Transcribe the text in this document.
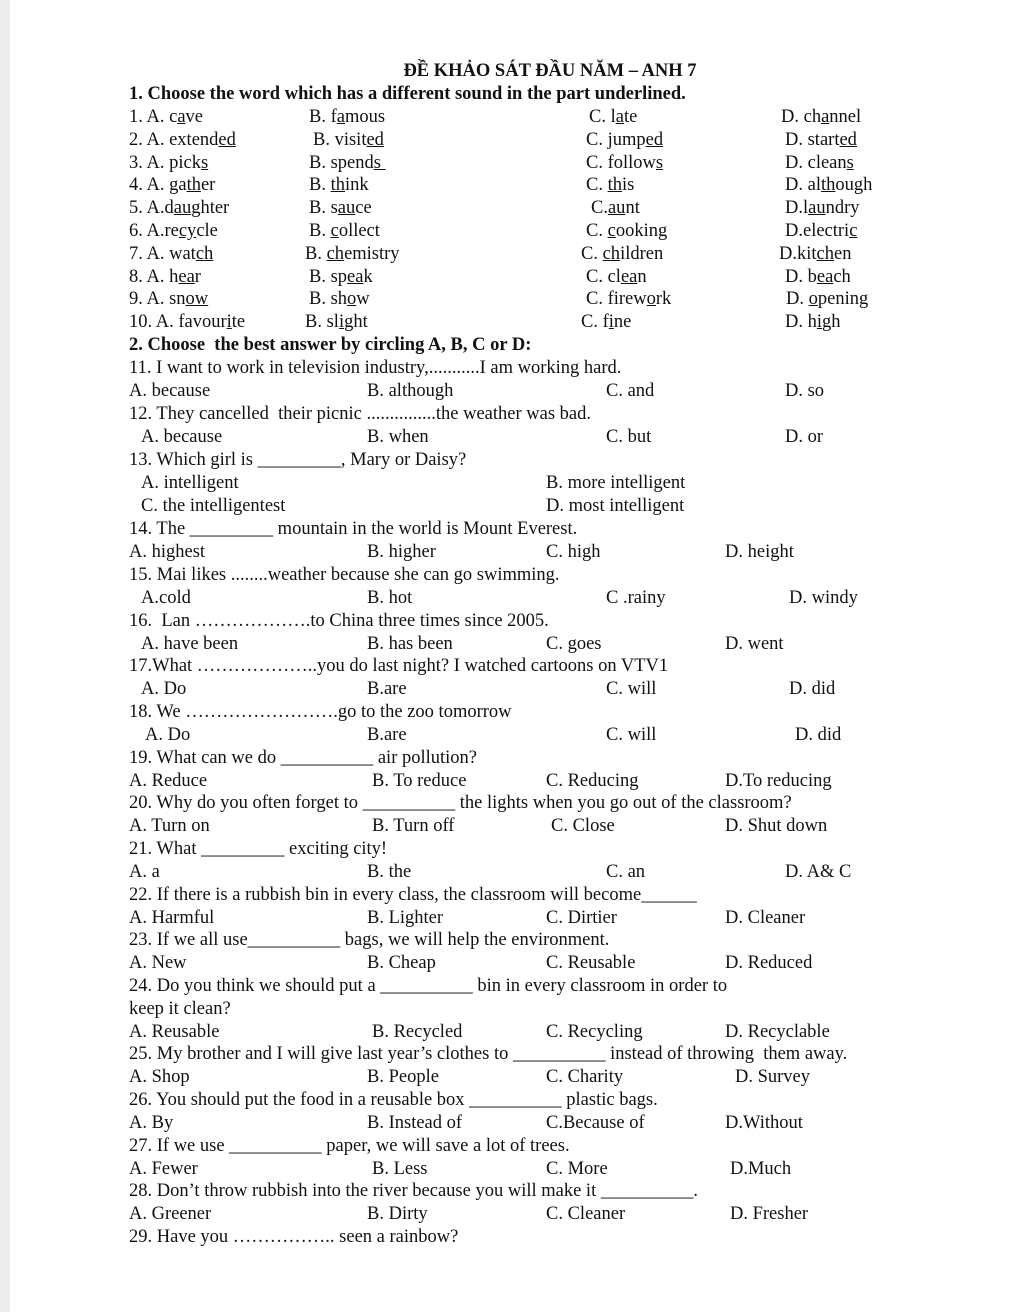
ĐỀ KHẢO SÁT ĐẦU NĂM – ANH 7
1. Choose the word which has a different sound in the part underlined.
1. A. cave	B. famous	C. late	D. channel
2. A. extended	B. visited	C. jumped	D. started
3. A. picks	B. spends	C. follows	D. cleans
4. A. gather	B. think	C. this	D. although
5. A.daughter	B. sauce	C.aunt	D.laundry
6. A.recycle	B. collect	C. cooking	D.electric
7. A. watch	B. chemistry	C. children	D.kitchen
8. A. hear	B. speak	C. clean	D. beach
9. A. snow	B. show	C. firework	D. opening
10. A. favourite	B. slight	C. fine	D. high
2. Choose  the best answer by circling A, B, C or D:
11. I want to work in television industry,...........I am working hard.
A. because	B. although	C. and	D. so
12. They cancelled  their picnic ...............the weather was bad.
A. because	B. when	C. but	D. or
13. Which girl is _________, Mary or Daisy?
A. intelligent	B. more intelligent
C. the intelligentest	D. most intelligent
14. The _________ mountain in the world is Mount Everest.
A. highest	B. higher	C. high	D. height
15. Mai likes ........weather because she can go swimming.
A.cold	B. hot	C .rainy	D. windy
16.  Lan ……………….to China three times since 2005.
A. have been	B. has been	C. goes	D. went
17.What ………………..you do last night? I watched cartoons on VTV1
A. Do	B.are	C. will	D. did
18. We …………………….go to the zoo tomorrow
A. Do	B.are	C. will	D. did
19. What can we do __________ air pollution?
A. Reduce	B. To reduce	C. Reducing	D.To reducing
20. Why do you often forget to __________ the lights when you go out of the classroom?
A. Turn on	B. Turn off	C. Close	D. Shut down
21. What _________ exciting city!
A. a	B. the	C. an	D. A& C
22. If there is a rubbish bin in every class, the classroom will become______
A. Harmful	B. Lighter	C. Dirtier	D. Cleaner
23. If we all use__________ bags, we will help the environment.
A. New	B. Cheap	C. Reusable	D. Reduced
24. Do you think we should put a __________ bin in every classroom in order to
keep it clean?
A. Reusable	B. Recycled	C. Recycling	D. Recyclable
25. My brother and I will give last year’s clothes to __________ instead of throwing  them away.
A. Shop	B. People	C. Charity	D. Survey
26. You should put the food in a reusable box __________ plastic bags.
A. By	B. Instead of	C.Because of	D.Without
27. If we use __________ paper, we will save a lot of trees.
A. Fewer	B. Less	C. More	D.Much
28. Don’t throw rubbish into the river because you will make it __________.
A. Greener	B. Dirty	C. Cleaner	D. Fresher
29. Have you …………….. seen a rainbow?
